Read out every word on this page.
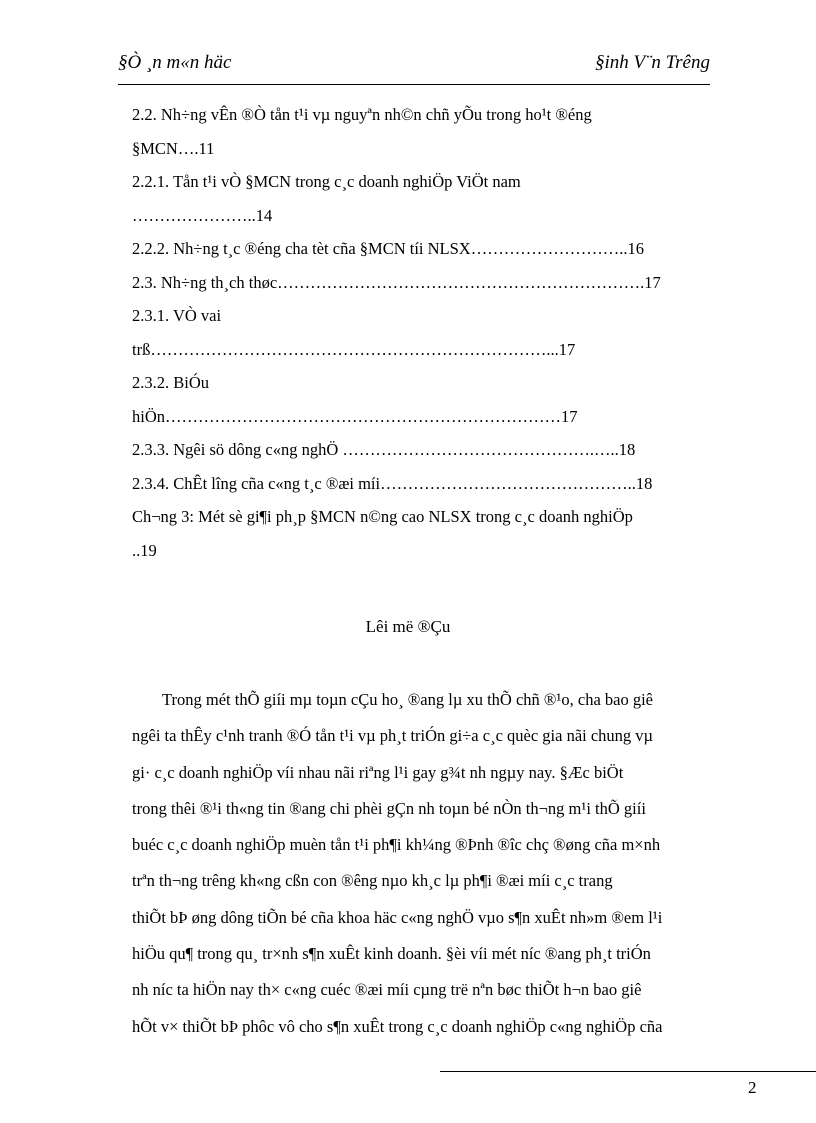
§Ò ¸n m«n häc	§inh V¨n Trêng
2.2. Nh÷ng vÊn ®Ò tån t¹i vµ nguyªn nh©n chñ yÕu trong ho¹t ®éng
§MCN….11
2.2.1. Tån t¹i vÒ §MCN trong c¸c doanh nghiÖp ViÖt nam
…………………..14
2.2.2. Nh÷ng t¸c ®éng cha tèt cña §MCN tíi NLSX………………………..16
2.3. Nh÷ng th¸ch thøc………………………………………………………….17
2.3.1. VÒ vai
trß………………………………………………………………...17
2.3.2. BiÓu
hiÖn………………………………………………………………17
2.3.3. Ngêi sö dông c«ng nghÖ ……………………………………….…..18
2.3.4. ChÊt lîng cña c«ng t¸c ®æi míi………………………………………..18
Ch¬ng 3: Mét sè gi¶i ph¸p §MCN n©ng cao NLSX trong c¸c doanh nghiÖp
..19
Lêi më ®Çu
Trong mét thÕ giíi mµ toµn cÇu ho¸ ®ang lµ xu thÕ chñ ®¹o, cha bao giê
ngêi ta thÊy c¹nh tranh ®Ó tån t¹i vµ ph¸t triÓn gi÷a c¸c quèc gia nãi chung vµ
gi· c¸c doanh nghiÖp víi nhau nãi riªng l¹i gay g¾t nh ngµy nay. §Æc biÖt
trong thêi ®¹i th«ng tin ®ang chi phèi gÇn nh toµn bé nÒn th¬ng m¹i thÕ giíi
buéc c¸c doanh nghiÖp muèn tån t¹i ph¶i kh¼ng ®Þnh ®îc chç ®øng cña m×nh
trªn th¬ng trêng kh«ng cßn con ®êng nµo kh¸c lµ ph¶i ®æi míi c¸c trang
thiÕt bÞ øng dông tiÕn bé cña khoa häc c«ng nghÖ vµo s¶n xuÊt nh»m ®em l¹i
hiÖu qu¶ trong qu¸ tr×nh s¶n xuÊt kinh doanh. §èi víi mét níc ®ang ph¸t triÓn
nh níc ta hiÖn nay th× c«ng cuéc ®æi míi cµng trë nªn bøc thiÕt h¬n bao giê
hÕt v× thiÕt bÞ phôc vô cho s¶n xuÊt trong c¸c doanh nghiÖp c«ng nghiÖp cña
2
